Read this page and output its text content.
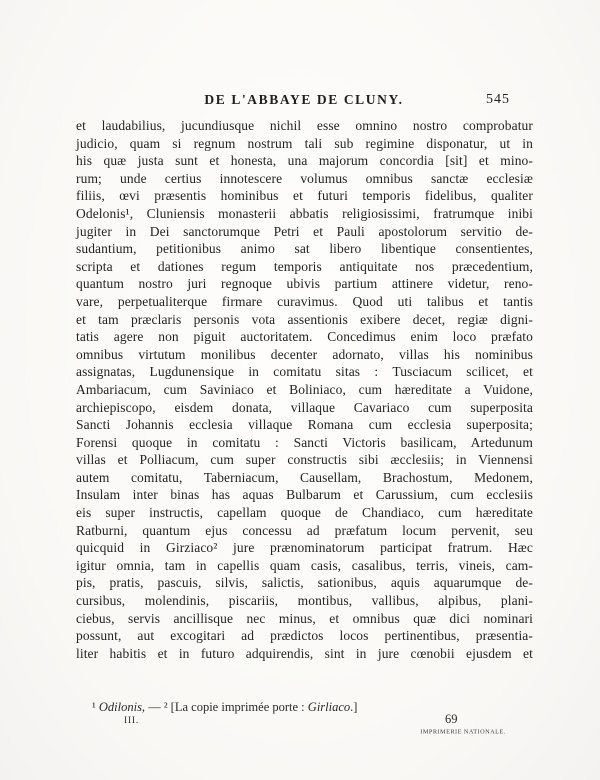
DE L'ABBAYE DE CLUNY.	545

et laudabilius, jucundiusque nichil esse omnino nostro comprobatur

judicio, quam si regnum nostrum tali sub regimine disponatur, ut in

his quæ justa sunt et honesta, una majorum concordia [sit] et mino-

rum; unde certius innotescere volumus omnibus sanctæ ecclesiæ

filiis, œvi præsentis hominibus et futuri temporis fidelibus, qualiter

Odelonis¹, Cluniensis monasterii abbatis religiosissimi, fratrumque inibi

jugiter in Dei sanctorumque Petri et Pauli apostolorum servitio de-

sudantium, petitionibus animo sat libero libentique consentientes,

scripta et dationes regum temporis antiquitate nos præcedentium,

quantum nostro juri regnoque ubivis partium attinere videtur, reno-

vare, perpetualiterque firmare curavimus. Quod uti talibus et tantis

et tam præclaris personis vota assentionis exibere decet, regiæ digni-

tatis agere non piguit auctoritatem. Concedimus enim loco præfato

omnibus virtutum monilibus decenter adornato, villas his nominibus

assignatas, Lugdunensique in comitatu sitas : Tusciacum scilicet, et

Ambariacum, cum Saviniaco et Boliniaco, cum hæreditate a Vuidone,

archiepiscopo, eisdem donata, villaque Cavariaco cum superposita

Sancti Johannis ecclesia villaque Romana cum ecclesia superposita;

Forensi quoque in comitatu : Sancti Victoris basilicam, Artedunum

villas et Polliacum, cum super constructis sibi æcclesiis; in Viennensi

autem comitatu, Taberniacum, Causellam, Brachostum, Medonem,

Insulam inter binas has aquas Bulbarum et Carussium, cum ecclesiis

eis super instructis, capellam quoque de Chandiaco, cum hæreditate

Ratburni, quantum ejus concessu ad præfatum locum pervenit, seu

quicquid in Girziaco² jure prænominatorum participat fratrum. Hæc

igitur omnia, tam in capellis quam casis, casalibus, terris, vineis, cam-

pis, pratis, pascuis, silvis, salictis, sationibus, aquis aquarumque de-

cursibus, molendinis, piscariis, montibus, vallibus, alpibus, plani-

ciebus, servis ancillisque nec minus, et omnibus quæ dici nominari

possunt, aut excogitari ad prædictos locos pertinentibus, præsentia-

liter habitis et in futuro adquirendis, sint in jure cœnobii ejusdem et

¹ Odilonis, — ² [La copie imprimée porte : Girliaco.]
III.	69
IMPRIMERIE NATIONALE.
